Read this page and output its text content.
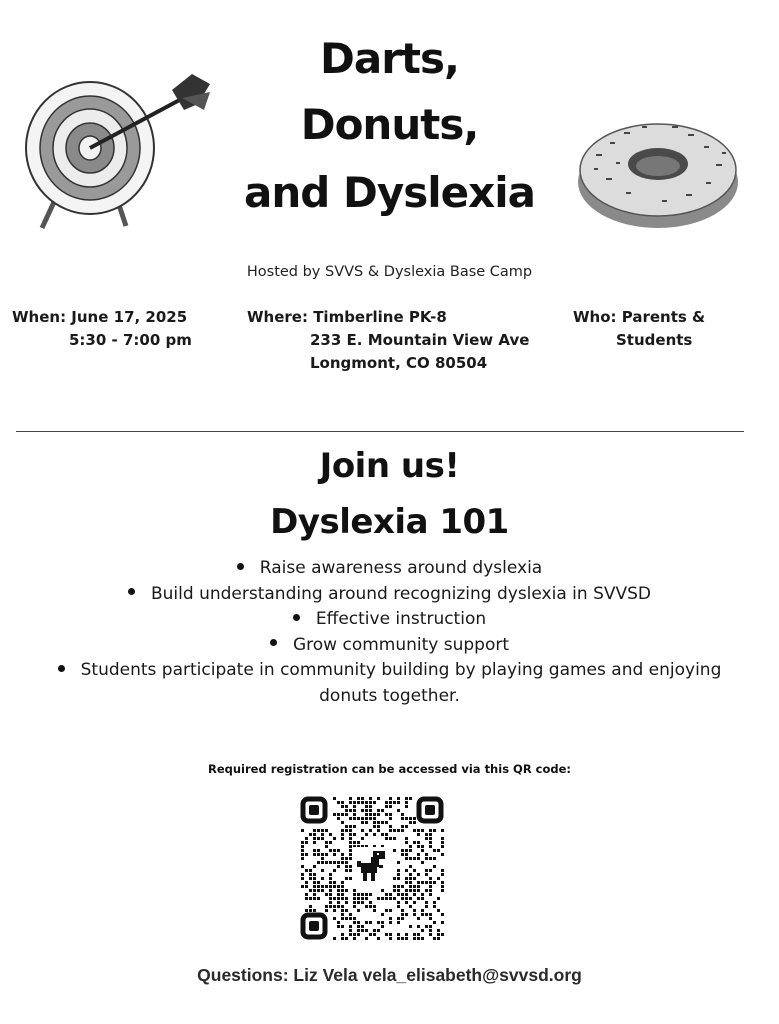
Darts,
Donuts,
and Dyslexia
Hosted by SVVS & Dyslexia Base Camp
When: June 17, 2025
5:30 - 7:00 pm
Where: Timberline PK-8
233 E. Mountain View Ave
Longmont, CO 80504
Who: Parents &
Students
Join us!
Dyslexia 101
Raise awareness around dyslexia
Build understanding around recognizing dyslexia in SVVSD
Effective instruction
Grow community support
Students participate in community building by playing games and enjoying donuts together.
Required registration can be accessed via this QR code:
Questions: Liz Vela vela_elisabeth@svvsd.org
